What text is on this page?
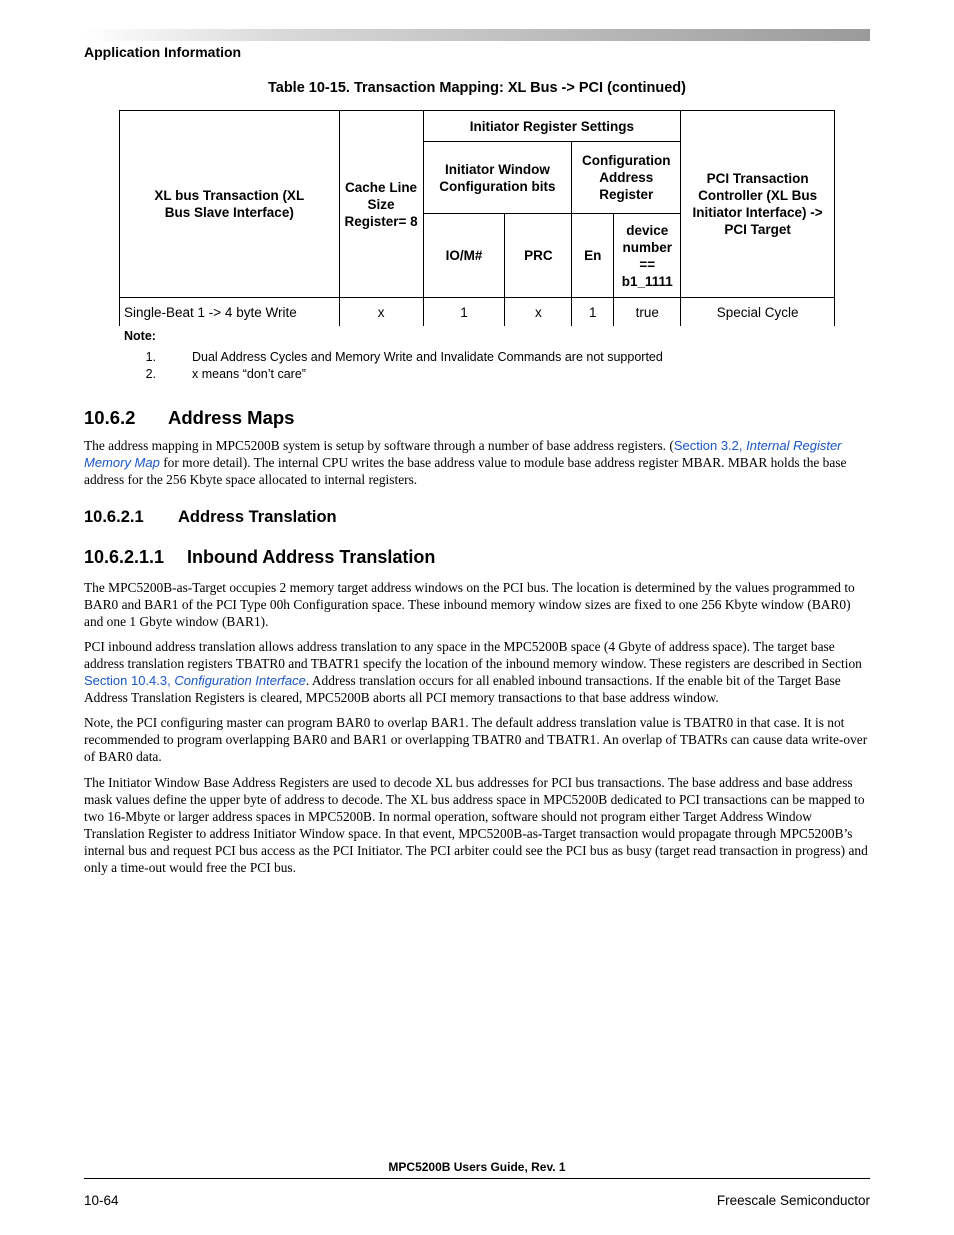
Application Information
Table 10-15. Transaction Mapping: XL Bus -> PCI (continued)
XL bus Transaction (XL Bus Slave Interface)	Cache Line Size Register= 8	Initiator Register Settings				PCI Transaction Controller (XL Bus Initiator Interface) -> PCI Target
		Initiator Window Configuration bits		Configuration Address Register		
		IO/M#	PRC	En	device number == b1_1111	
Single-Beat 1 -> 4 byte Write	x	1	x	1	true	Special Cycle
Note:
1.	Dual Address Cycles and Memory Write and Invalidate Commands are not supported
2.	x means “don’t care”
10.6.2 Address Maps

The address mapping in MPC5200B system is setup by software through a number of base address registers. (Section 3.2, Internal Register Memory Map for more detail). The internal CPU writes the base address value to module base address register MBAR. MBAR holds the base address for the 256 Kbyte space allocated to internal registers.

10.6.2.1 Address Translation
10.6.2.1.1 Inbound Address Translation

The MPC5200B-as-Target occupies 2 memory target address windows on the PCI bus. The location is determined by the values programmed to BAR0 and BAR1 of the PCI Type 00h Configuration space. These inbound memory window sizes are fixed to one 256 Kbyte window (BAR0) and one 1 Gbyte window (BAR1).

PCI inbound address translation allows address translation to any space in the MPC5200B space (4 Gbyte of address space). The target base address translation registers TBATR0 and TBATR1 specify the location of the inbound memory window. These registers are described in Section Section 10.4.3, Configuration Interface. Address translation occurs for all enabled inbound transactions. If the enable bit of the Target Base Address Translation Registers is cleared, MPC5200B aborts all PCI memory transactions to that base address window.

Note, the PCI configuring master can program BAR0 to overlap BAR1. The default address translation value is TBATR0 in that case. It is not recommended to program overlapping BAR0 and BAR1 or overlapping TBATR0 and TBATR1. An overlap of TBATRs can cause data write-over of BAR0 data.

The Initiator Window Base Address Registers are used to decode XL bus addresses for PCI bus transactions. The base address and base address mask values define the upper byte of address to decode. The XL bus address space in MPC5200B dedicated to PCI transactions can be mapped to two 16-Mbyte or larger address spaces in MPC5200B. In normal operation, software should not program either Target Address Window Translation Register to address Initiator Window space. In that event, MPC5200B-as-Target transaction would propagate through MPC5200B’s internal bus and request PCI bus access as the PCI Initiator. The PCI arbiter could see the PCI bus as busy (target read transaction in progress) and only a time-out would free the PCI bus.

MPC5200B Users Guide, Rev. 1
10-64	Freescale Semiconductor
